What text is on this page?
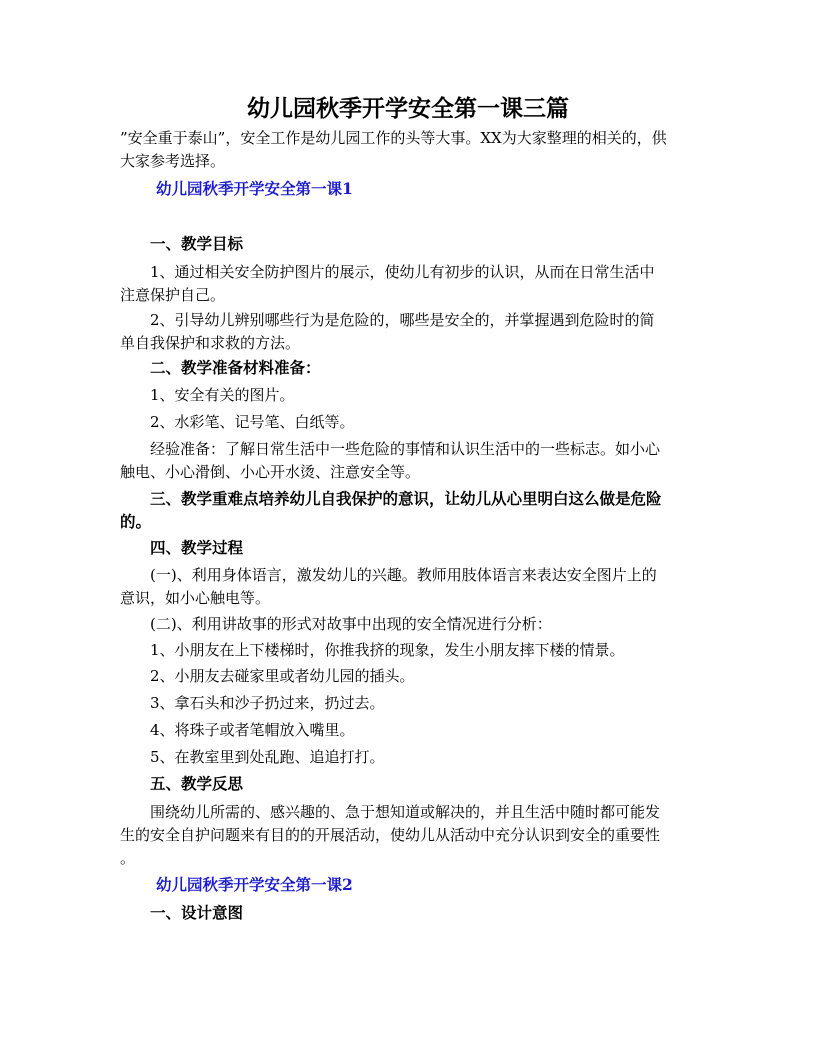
幼儿园秋季开学安全第一课三篇
”安全重于泰山”，安全工作是幼儿园工作的头等大事。XX为大家整理的相关的，供
大家参考选择。
幼儿园秋季开学安全第一课1
一、教学目标
1、通过相关安全防护图片的展示，使幼儿有初步的认识，从而在日常生活中
注意保护自己。
2、引导幼儿辨别哪些行为是危险的，哪些是安全的，并掌握遇到危险时的简
单自我保护和求救的方法。
二、教学准备材料准备：
1、安全有关的图片。
2、水彩笔、记号笔、白纸等。
经验准备：了解日常生活中一些危险的事情和认识生活中的一些标志。如小心
触电、小心滑倒、小心开水烫、注意安全等。
三、教学重难点培养幼儿自我保护的意识，让幼儿从心里明白这么做是危险
的。
四、教学过程
(一)、利用身体语言，激发幼儿的兴趣。教师用肢体语言来表达安全图片上的
意识，如小心触电等。
(二)、利用讲故事的形式对故事中出现的安全情况进行分析：
1、小朋友在上下楼梯时，你推我挤的现象，发生小朋友摔下楼的情景。
2、小朋友去碰家里或者幼儿园的插头。
3、拿石头和沙子扔过来，扔过去。
4、将珠子或者笔帽放入嘴里。
5、在教室里到处乱跑、追追打打。
五、教学反思
围绕幼儿所需的、感兴趣的、急于想知道或解决的，并且生活中随时都可能发
生的安全自护问题来有目的的开展活动，使幼儿从活动中充分认识到安全的重要性
。
幼儿园秋季开学安全第一课2
一、设计意图
